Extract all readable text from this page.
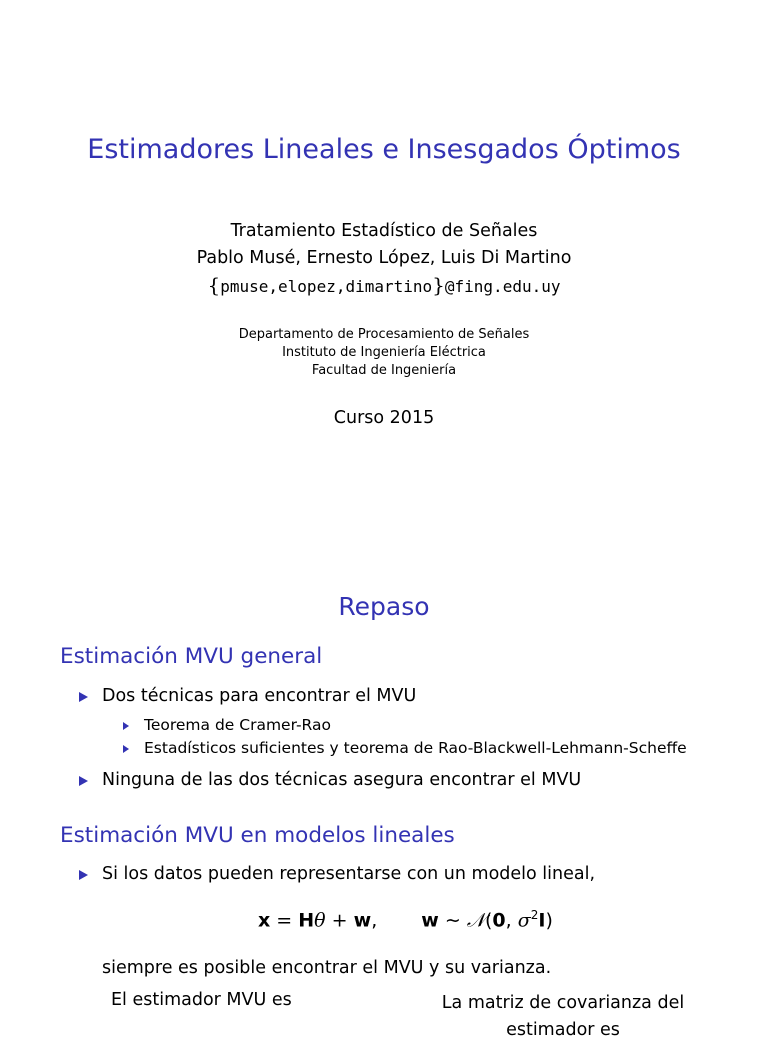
Estimadores Lineales e Insesgados Óptimos
Tratamiento Estadístico de Señales
Pablo Musé, Ernesto López, Luis Di Martino
{pmuse,elopez,dimartino}@fing.edu.uy
Departamento de Procesamiento de Señales
Instituto de Ingeniería Eléctrica
Facultad de Ingeniería
Curso 2015
Repaso
Estimación MVU general
Dos técnicas para encontrar el MVU
Teorema de Cramer-Rao
Estadísticos suficientes y teorema de Rao-Blackwell-Lehmann-Scheffe
Ninguna de las dos técnicas asegura encontrar el MVU
Estimación MVU en modelos lineales
Si los datos pueden representarse con un modelo lineal,
x = Hθ + w, w ∼ 𝒩(0, $\sigma^2I$)
siempre es posible encontrar el MVU y su varianza.
El estimador MVU es	La matriz de covarianza del
estimador es
